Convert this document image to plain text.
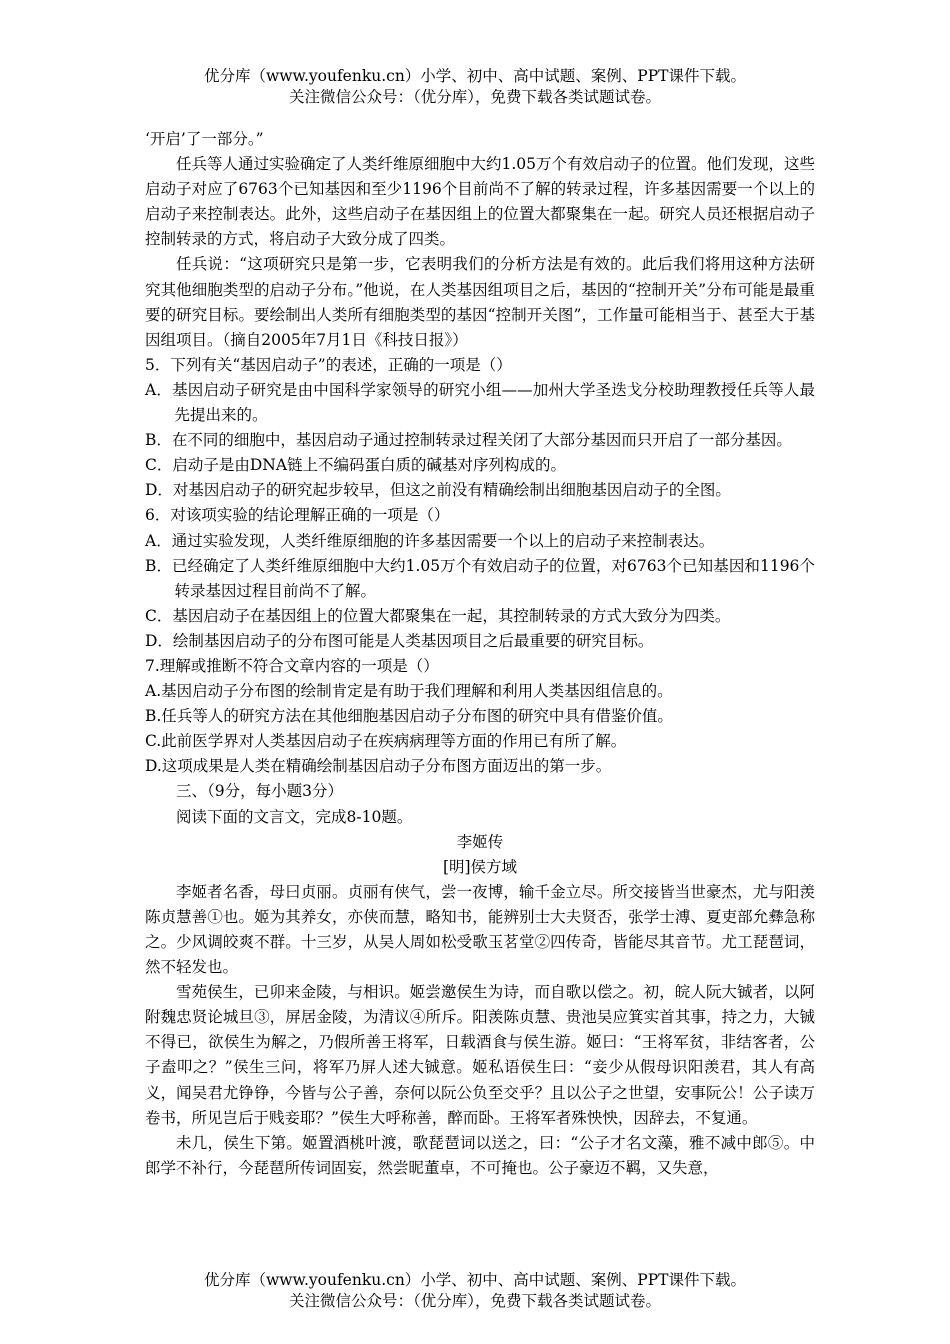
优分库（www.youfenku.cn）小学、初中、高中试题、案例、PPT课件下载。
关注微信公众号：（优分库），免费下载各类试题试卷。

‘开启’了一部分。”

任兵等人通过实验确定了人类纤维原细胞中大约1.05万个有效启动子的位置。他们发现，这些启动子对应了6763个已知基因和至少1196个目前尚不了解的转录过程，许多基因需要一个以上的启动子来控制表达。此外，这些启动子在基因组上的位置大都聚集在一起。研究人员还根据启动子控制转录的方式，将启动子大致分成了四类。

任兵说：“这项研究只是第一步，它表明我们的分析方法是有效的。此后我们将用这种方法研究其他细胞类型的启动子分布。”他说，在人类基因组项目之后，基因的“控制开关”分布可能是最重要的研究目标。要绘制出人类所有细胞类型的基因“控制开关图”，工作量可能相当于、甚至大于基因组项目。（摘自2005年7月1日《科技日报》）

5．下列有关“基因启动子”的表述，正确的一项是（）

A．基因启动子研究是由中国科学家领导的研究小组——加州大学圣迭戈分校助理教授任兵等人最先提出来的。

B．在不同的细胞中，基因启动子通过控制转录过程关闭了大部分基因而只开启了一部分基因。

C．启动子是由DNA链上不编码蛋白质的碱基对序列构成的。

D．对基因启动子的研究起步较早，但这之前没有精确绘制出细胞基因启动子的全图。

6．对该项实验的结论理解正确的一项是（）

A．通过实验发现，人类纤维原细胞的许多基因需要一个以上的启动子来控制表达。

B．已经确定了人类纤维原细胞中大约1.05万个有效启动子的位置，对6763个已知基因和1196个转录基因过程目前尚不了解。

C．基因启动子在基因组上的位置大都聚集在一起，其控制转录的方式大致分为四类。

D．绘制基因启动子的分布图可能是人类基因项目之后最重要的研究目标。

7.理解或推断不符合文章内容的一项是（）

A.基因启动子分布图的绘制肯定是有助于我们理解和利用人类基因组信息的。

B.任兵等人的研究方法在其他细胞基因启动子分布图的研究中具有借鉴价值。

C.此前医学界对人类基因启动子在疾病病理等方面的作用已有所了解。

D.这项成果是人类在精确绘制基因启动子分布图方面迈出的第一步。

三、（9分，每小题3分）

阅读下面的文言文，完成8-10题。

李姬传

[明]侯方域

李姬者名香，母曰贞丽。贞丽有侠气，尝一夜博，输千金立尽。所交接皆当世豪杰，尤与阳羡陈贞慧善①也。姬为其养女，亦侠而慧，略知书，能辨别士大夫贤否，张学士溥、夏吏部允彝急称之。少风调皎爽不群。十三岁，从吴人周如松受歌玉茗堂②四传奇，皆能尽其音节。尤工琵琶词，然不轻发也。

雪苑侯生，已卯来金陵，与相识。姬尝邀侯生为诗，而自歌以偿之。初，皖人阮大铖者，以阿附魏忠贤论城旦③，屏居金陵，为清议④所斥。阳羡陈贞慧、贵池吴应箕实首其事，持之力，大铖不得已，欲侯生为解之，乃假所善王将军，日载酒食与侯生游。姬曰：“王将军贫，非结客者，公子盍叩之？”侯生三问，将军乃屏人述大铖意。姬私语侯生曰：“妾少从假母识阳羡君，其人有高义，闻吴君尤铮铮，今皆与公子善，奈何以阮公负至交乎？且以公子之世望，安事阮公！公子读万卷书，所见岂后于贱妾耶？”侯生大呼称善，醉而卧。王将军者殊怏怏，因辞去，不复通。

未几，侯生下第。姬置酒桃叶渡，歌琵琶词以送之，曰：“公子才名文藻，雅不减中郎⑤。中郎学不补行，今琵琶所传词固妄，然尝昵董卓，不可掩也。公子豪迈不羁，又失意，

优分库（www.youfenku.cn）小学、初中、高中试题、案例、PPT课件下载。
关注微信公众号：（优分库），免费下载各类试题试卷。
